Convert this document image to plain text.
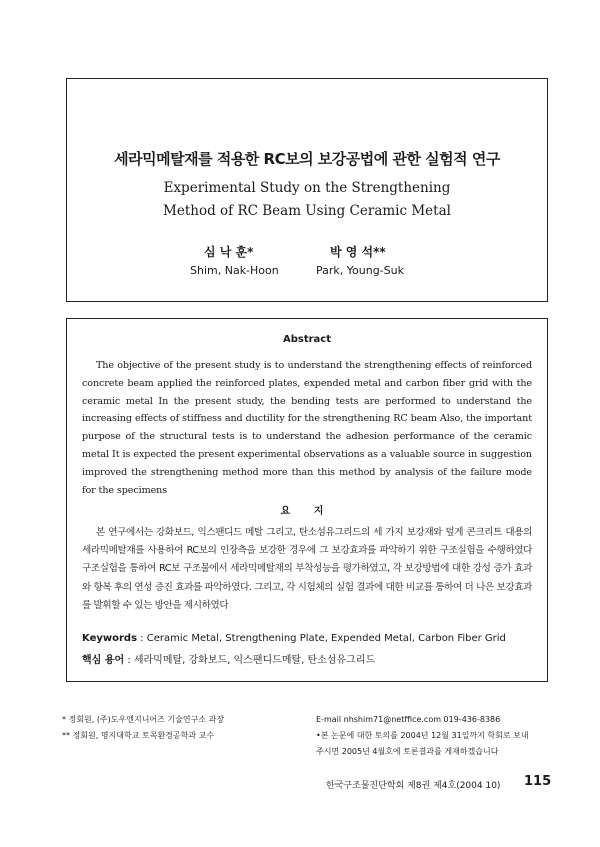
세라믹메탈재를 적용한 RC보의 보강공법에 관한 실험적 연구
Experimental Study on the Strengthening
Method of RC Beam Using Ceramic Metal
심 낙 훈*
Shim, Nak-Hoon
박 영 석**
Park, Young-Suk
Abstract
The objective of the present study is to understand the strengthening effects of reinforced concrete beam applied the reinforced plates, expended metal and carbon fiber grid with the ceramic metal In the present study, the bending tests are performed to understand the increasing effects of stiffness and ductility for the strengthening RC beam Also, the important purpose of the structural tests is to understand the adhesion performance of the ceramic metal It is expected the present experimental observations as a valuable source in suggestion improved the strengthening method more than this method by analysis of the failure mode for the specimens
요 지
본 연구에서는 강화보드, 익스팬디드 메탈 그리고, 탄소섬유그리드의 세 가지 보강재와 덮게 콘크리트 대용의 세라믹메탈재를 사용하여 RC보의 인장측을 보강한 경우에 그 보강효과를 파악하기 위한 구조실험을 수행하였다 구조실험을 통하여 RC보 구조물에서 세라믹메탈재의 부착성능을 평가하였고, 각 보강방법에 대한 강성 증가 효과와 항복 후의 연성 증진 효과를 파악하였다. 그리고, 각 시험체의 실험 결과에 대한 비교를 통하여 더 나은 보강효과를 발휘할 수 있는 방안을 제시하였다
Keywords : Ceramic Metal, Strengthening Plate, Expended Metal, Carbon Fiber Grid
핵심 용어 : 세라믹메탈, 강화보드, 익스팬디드메탈, 탄소섬유그리드
* 정회원, (주)도우엔지니어즈 기술연구소 과장
** 정회원, 명지대학교 토목환경공학과 교수
E-mail nhshim71@netffice.com 019-436-8386
•본 논문에 대한 토의를 2004년 12월 31일까지 학회로 보내
주시면 2005년 4월호에 토론결과를 게재하겠습니다
한국구조물진단학회 제8권 제4호(2004 10) 115
